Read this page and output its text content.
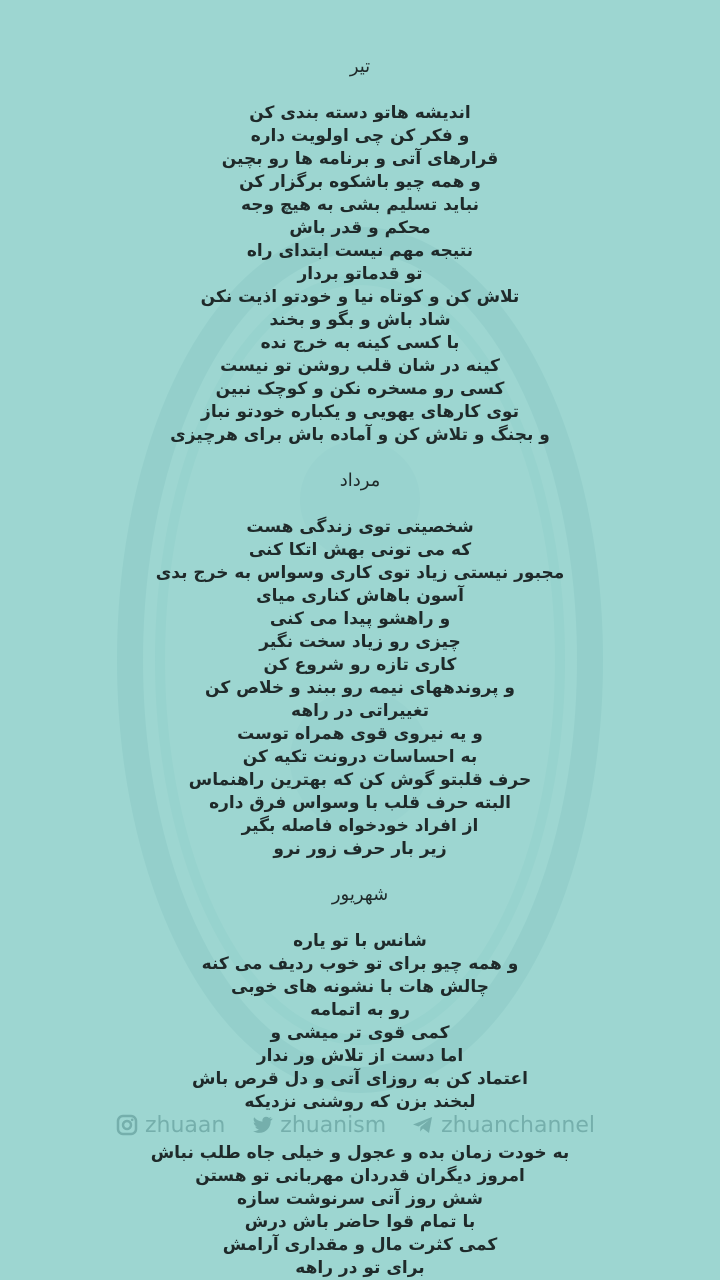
تیر
اندیشه هاتو دسته بندی کن
و فکر کن چی اولویت داره
قرارهای آتی و برنامه ها رو بچین
و همه چیو باشکوه برگزار کن
نباید تسلیم بشی به هیچ وجه
محکم و قدر باش
نتیجه مهم نیست ابتدای راه
تو قدماتو بردار
تلاش کن و کوتاه نیا و خودتو اذیت نکن
شاد باش و بگو و بخند
با کسی کینه به خرج نده
کینه در شان قلب روشن تو نیست
کسی رو مسخره نکن و کوچک نبین
توی کارهای یهویی و یکباره خودتو نباز
و بجنگ و تلاش کن و آماده باش برای هرچیزی
مرداد
شخصیتی توی زندگی هست
که می تونی بهش اتکا کنی
مجبور نیستی زیاد توی کاری وسواس به خرج بدی
آسون باهاش کناری میای
و راهشو پیدا می کنی
چیزی رو زیاد سخت نگیر
کاری تازه رو شروع کن
و پروندههای نیمه رو ببند و خلاص کن
تغییراتی در راهه
و یه نیروی قوی همراه توست
به احساسات درونت تکیه کن
حرف قلبتو گوش کن که بهترین راهنماس
البته حرف قلب با وسواس فرق داره
از افراد خودخواه فاصله بگیر
زیر بار حرف زور نرو
شهریور
شانس با تو یاره
و همه چیو برای تو خوب ردیف می کنه
چالش هات با نشونه های خوبی
رو به اتمامه
کمی قوی تر میشی و
اما دست از تلاش ور ندار
اعتماد کن به روزای آتی و دل قرص باش
لبخند بزن که روشنی نزدیکه
به خودت زمان بده و عجول و خیلی جاه طلب نباش
امروز دیگران قدردان مهربانی تو هستن
شش روز آتی سرنوشت سازه
با تمام قوا حاضر باش درش
کمی کثرت مال و مقداری آرامش
برای تو در راهه
zhuaan zhuanism zhuanchannel
